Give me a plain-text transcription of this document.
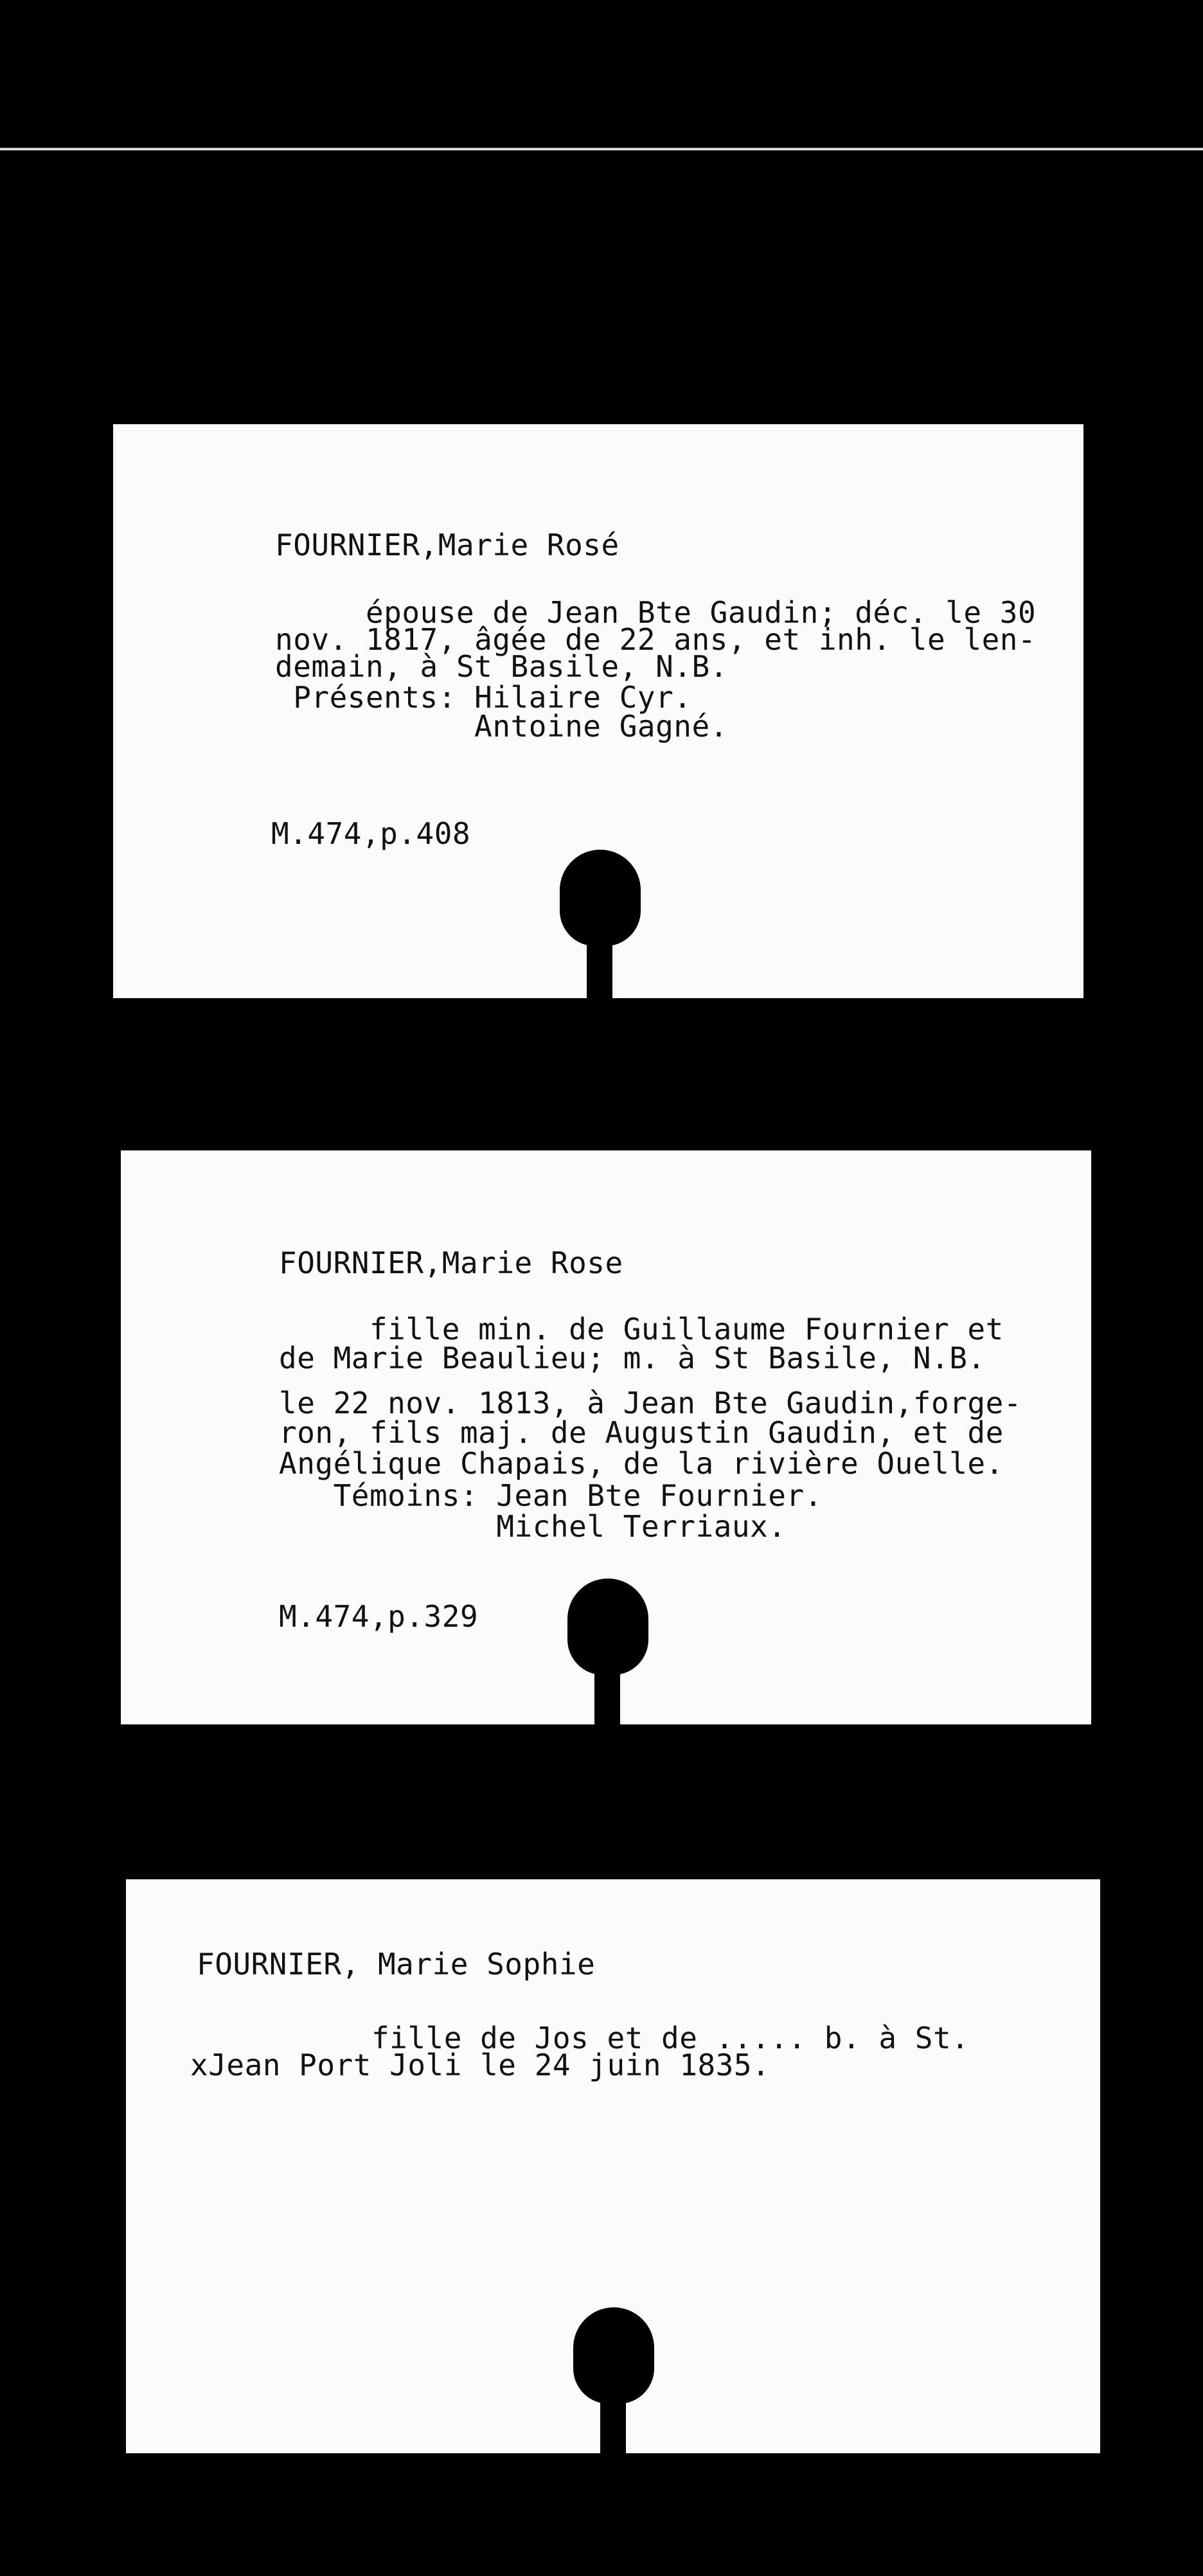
FOURNIER,Marie Rosé
épouse de Jean Bte Gaudin; déc. le 30
nov. 1817, âgée de 22 ans, et inh. le len-
demain, à St Basile, N.B.
Présents: Hilaire Cyr.
Antoine Gagné.
M.474,p.408
FOURNIER,Marie Rose
fille min. de Guillaume Fournier et
de Marie Beaulieu; m. à St Basile, N.B.
le 22 nov. 1813, à Jean Bte Gaudin,forge-
ron, fils maj. de Augustin Gaudin, et de
Angélique Chapais, de la rivière Ouelle.
Témoins: Jean Bte Fournier.
Michel Terriaux.
M.474,p.329
FOURNIER, Marie Sophie
fille de Jos et de ..... b. à St.
xJean Port Joli le 24 juin 1835.
